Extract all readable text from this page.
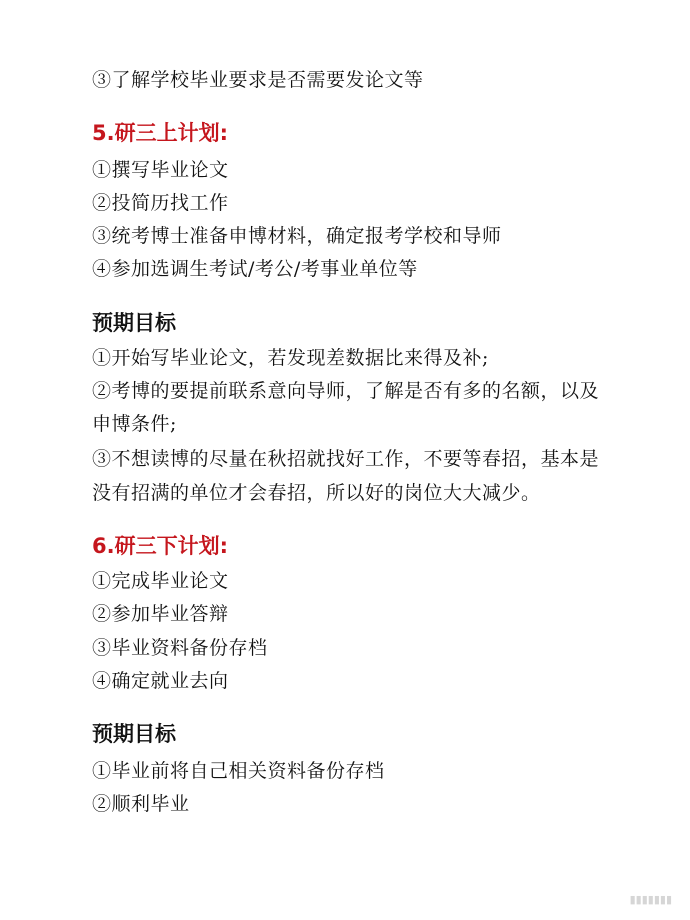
③了解学校毕业要求是否需要发论文等
5.研三上计划:
①撰写毕业论文
②投简历找工作
③统考博士准备申博材料，确定报考学校和导师
④参加选调生考试/考公/考事业单位等
预期目标
①开始写毕业论文，若发现差数据比来得及补;
②考博的要提前联系意向导师，了解是否有多的名额，以及
申博条件;
③不想读博的尽量在秋招就找好工作，不要等春招，基本是
没有招满的单位才会春招，所以好的岗位大大减少。
6.研三下计划:
①完成毕业论文
②参加毕业答辩
③毕业资料备份存档
④确定就业去向
预期目标
①毕业前将自己相关资料备份存档
②顺利毕业
▮▮▮▮▮▮▮
